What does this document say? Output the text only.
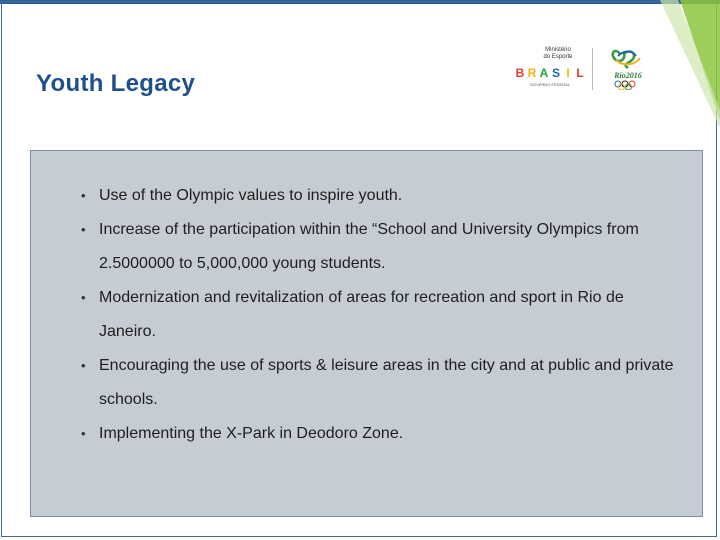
Youth Legacy
Ministério
do Esporte
B R A S I L
GOVERNO FEDERAL
Rio2016
• Use of the Olympic values to inspire youth.
• Increase of the participation within the “School and University Olympics from 2.5000000 to 5,000,000 young students.
• Modernization and revitalization of areas for recreation and sport in Rio de Janeiro.
• Encouraging the use of sports & leisure areas in the city and at public and private schools.
• Implementing the X-Park in Deodoro Zone.
